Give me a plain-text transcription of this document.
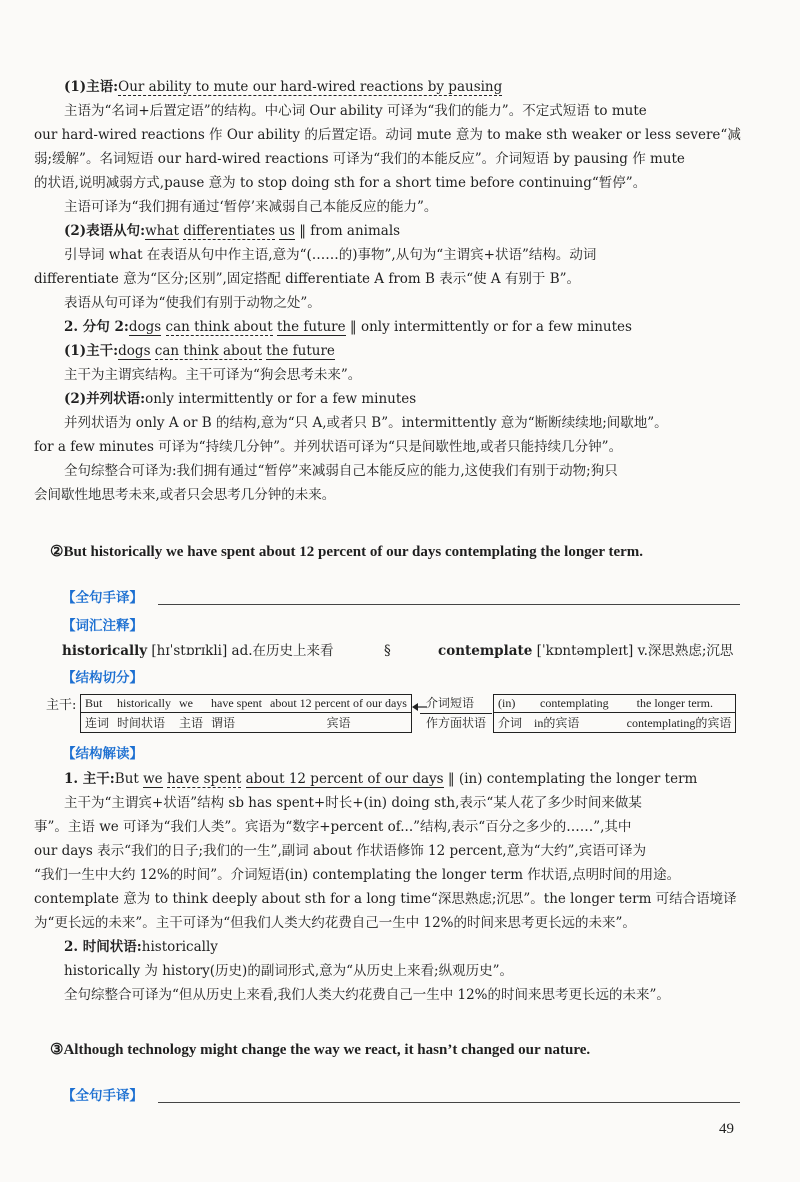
(1)主语:Our ability to mute our hard-wired reactions by pausing
主语为“名词+后置定语”的结构。中心词 Our ability 可译为“我们的能力”。不定式短语 to mute
our hard-wired reactions 作 Our ability 的后置定语。动词 mute 意为 to make sth weaker or less severe“减
弱;缓解”。名词短语 our hard-wired reactions 可译为“我们的本能反应”。介词短语 by pausing 作 mute
的状语,说明减弱方式,pause 意为 to stop doing sth for a short time before continuing“暂停”。
主语可译为“我们拥有通过‘暂停’来减弱自己本能反应的能力”。
(2)表语从句:what differentiates us ‖ from animals
引导词 what 在表语从句中作主语,意为“(……的)事物”,从句为“主谓宾+状语”结构。动词
differentiate 意为“区分;区别”,固定搭配 differentiate A from B 表示“使 A 有别于 B”。
表语从句可译为“使我们有别于动物之处”。
2. 分句 2:dogs can think about the future ‖ only intermittently or for a few minutes
(1)主干:dogs can think about the future
主干为主谓宾结构。主干可译为“狗会思考未来”。
(2)并列状语:only intermittently or for a few minutes
并列状语为 only A or B 的结构,意为“只 A,或者只 B”。intermittently 意为“断断续续地;间歇地”。
for a few minutes 可译为“持续几分钟”。并列状语可译为“只是间歇性地,或者只能持续几分钟”。
全句综整合可译为:我们拥有通过“暂停”来减弱自己本能反应的能力,这使我们有别于动物;狗只
会间歇性地思考未来,或者只会思考几分钟的未来。
②But historically we have spent about 12 percent of our days contemplating the longer term.
【全句手译】
【词汇注释】
historically [hɪˈstɒrɪkli] ad.在历史上来看	§	contemplate [ˈkɒntəmpleɪt] v.深思熟虑;沉思
【结构切分】
主干: But	historically	we	have spent	about 12 percent of our days
连词	时间状语	主语	谓语	宾语
介词短语
作方面状语
(in)	contemplating	the longer term.
介词	in的宾语	contemplating的宾语
【结构解读】
1. 主干:But we have spent about 12 percent of our days ‖ (in) contemplating the longer term
主干为“主谓宾+状语”结构 sb has spent+时长+(in) doing sth,表示“某人花了多少时间来做某
事”。主语 we 可译为“我们人类”。宾语为“数字+percent of...”结构,表示“百分之多少的……”,其中
our days 表示“我们的日子;我们的一生”,副词 about 作状语修饰 12 percent,意为“大约”,宾语可译为
“我们一生中大约 12%的时间”。介词短语(in) contemplating the longer term 作状语,点明时间的用途。
contemplate 意为 to think deeply about sth for a long time“深思熟虑;沉思”。the longer term 可结合语境译
为“更长远的未来”。主干可译为“但我们人类大约花费自己一生中 12%的时间来思考更长远的未来”。
2. 时间状语:historically
historically 为 history(历史)的副词形式,意为“从历史上来看;纵观历史”。
全句综整合可译为“但从历史上来看,我们人类大约花费自己一生中 12%的时间来思考更长远的未来”。
③Although technology might change the way we react, it hasn’t changed our nature.
【全句手译】
49
